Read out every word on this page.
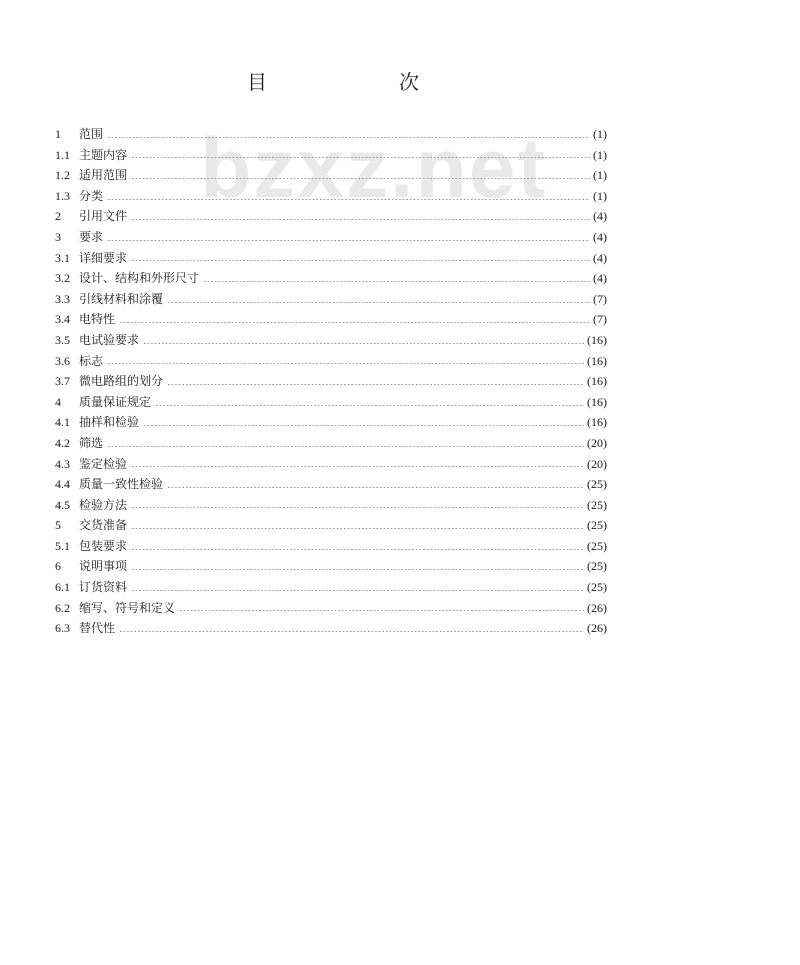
目　次
bzxz.net
1	范围	(1)
1.1 主题内容	(1)
1.2 适用范围	(1)
1.3 分类	(1)
2	引用文件	(4)
3	要求	(4)
3.1 详细要求	(4)
3.2 设计、结构和外形尺寸	(4)
3.3 引线材料和涂覆	(7)
3.4 电特性	(7)
3.5 电试验要求	(16)
3.6 标志	(16)
3.7 微电路组的划分	(16)
4	质量保证规定	(16)
4.1 抽样和检验	(16)
4.2 筛选	(20)
4.3 鉴定检验	(20)
4.4 质量一致性检验	(25)
4.5 检验方法	(25)
5	交货准备	(25)
5.1 包装要求	(25)
6	说明事项	(25)
6.1 订货资料	(25)
6.2 缩写、符号和定义	(26)
6.3 替代性	(26)
